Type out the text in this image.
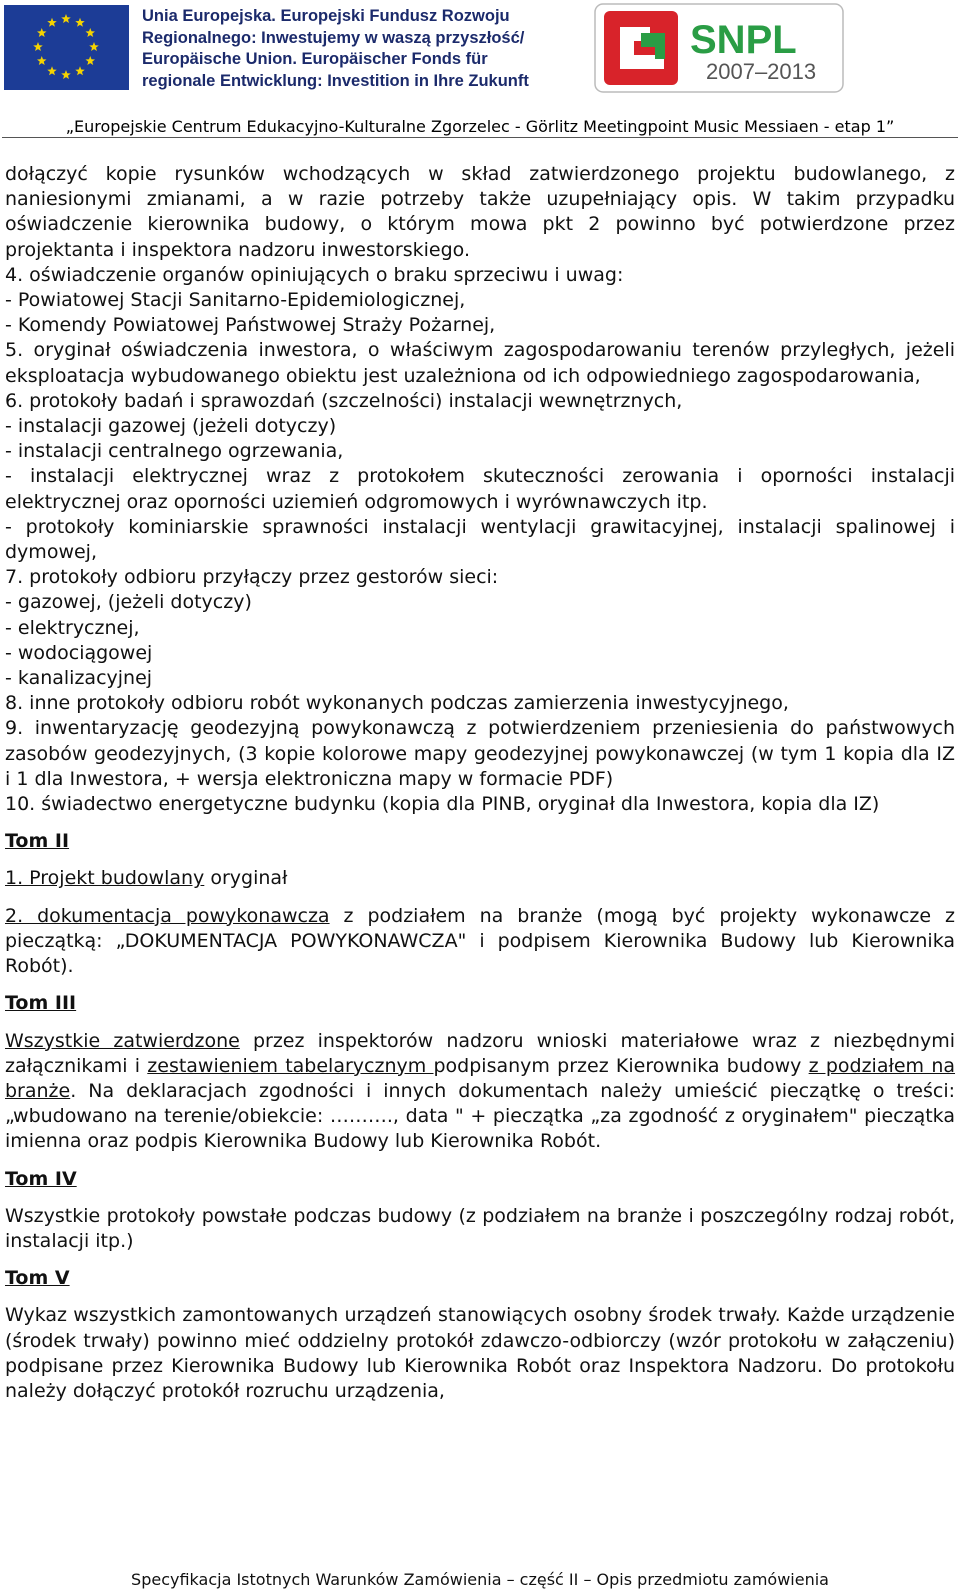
Unia Europejska. Europejski Fundusz Rozwoju
Regionalnego: Inwestujemy w waszą przyszłość/
Europäische Union. Europäischer Fonds für
regionale Entwicklung: Investition in Ihre Zukunft
SNPL
2007–2013
„Europejskie Centrum Edukacyjno-Kulturalne Zgorzelec - Görlitz Meetingpoint Music Messiaen - etap 1”

dołączyć kopie rysunków wchodzących w skład zatwierdzonego projektu budowlanego, z naniesionymi zmianami, a w razie potrzeby także uzupełniający opis. W takim przypadku oświadczenie kierownika budowy, o którym mowa pkt 2 powinno być potwierdzone przez projektanta i inspektora nadzoru inwestorskiego.

4. oświadczenie organów opiniujących o braku sprzeciwu i uwag:

- Powiatowej Stacji Sanitarno-Epidemiologicznej,

- Komendy Powiatowej Państwowej Straży Pożarnej,

5. oryginał oświadczenia inwestora, o właściwym zagospodarowaniu terenów przyległych, jeżeli eksploatacja wybudowanego obiektu jest uzależniona od ich odpowiedniego zagospodarowania,

6. protokoły badań i sprawozdań (szczelności) instalacji wewnętrznych,

- instalacji gazowej (jeżeli dotyczy)

- instalacji centralnego ogrzewania,

- instalacji elektrycznej wraz z protokołem skuteczności zerowania i oporności instalacji elektrycznej oraz oporności uziemień odgromowych i wyrównawczych itp.

- protokoły kominiarskie sprawności instalacji wentylacji grawitacyjnej, instalacji spalinowej i dymowej,

7. protokoły odbioru przyłączy przez gestorów sieci:

- gazowej, (jeżeli dotyczy)

- elektrycznej,

- wodociągowej

- kanalizacyjnej

8. inne protokoły odbioru robót wykonanych podczas zamierzenia inwestycyjnego,

9. inwentaryzację geodezyjną powykonawczą z potwierdzeniem przeniesienia do państwowych zasobów geodezyjnych, (3 kopie kolorowe mapy geodezyjnej powykonawczej (w tym 1 kopia dla IZ i 1 dla Inwestora, + wersja elektroniczna mapy w formacie PDF)

10. świadectwo energetyczne budynku (kopia dla PINB, oryginał dla Inwestora, kopia dla IZ)

Tom II

1. Projekt budowlany oryginał

2. dokumentacja powykonawcza z podziałem na branże (mogą być projekty wykonawcze z pieczątką: „DOKUMENTACJA POWYKONAWCZA" i podpisem Kierownika Budowy lub Kierownika Robót).

Tom III

Wszystkie zatwierdzone przez inspektorów nadzoru wnioski materiałowe wraz z niezbędnymi załącznikami i zestawieniem tabelarycznym podpisanym przez Kierownika budowy z podziałem na branże. Na deklaracjach zgodności i innych dokumentach należy umieścić pieczątkę o treści: „wbudowano na terenie/obiekcie: ………., data " + pieczątka „za zgodność z oryginałem" pieczątka imienna oraz podpis Kierownika Budowy lub Kierownika Robót.

Tom IV

Wszystkie protokoły powstałe podczas budowy (z podziałem na branże i poszczególny rodzaj robót, instalacji itp.)

Tom V

Wykaz wszystkich zamontowanych urządzeń stanowiących osobny środek trwały. Każde urządzenie (środek trwały) powinno mieć oddzielny protokół zdawczo-odbiorczy (wzór protokołu w załączeniu) podpisane przez Kierownika Budowy lub Kierownika Robót oraz Inspektora Nadzoru. Do protokołu należy dołączyć protokół rozruchu urządzenia,

Specyfikacja Istotnych Warunków Zamówienia – część II – Opis przedmiotu zamówienia
